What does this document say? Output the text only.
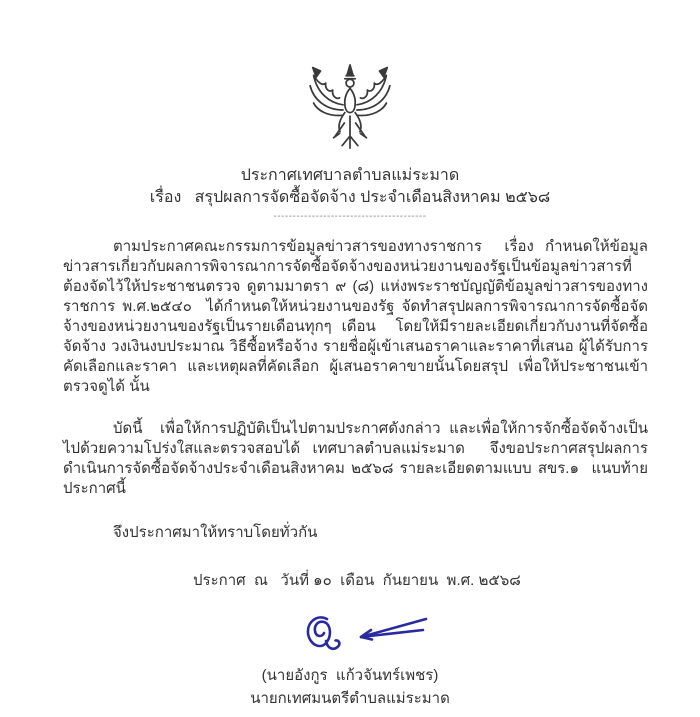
ประกาศเทศบาลตำบลแม่ระมาด
เรื่อง   สรุปผลการจัดซื้อจัดจ้าง ประจำเดือนสิงหาคม ๒๕๖๘
----------------------------------------

ตามประกาศคณะกรรมการข้อมูลข่าวสารของทางราชการ  เรื่อง กำหนดให้ข้อมูลข่าวสารเกี่ยวกับผลการพิจารณาการจัดซื้อจัดจ้างของหน่วยงานของรัฐเป็นข้อมูลข่าวสารที่ต้องจัดไว้ให้ประชาชนตรวจ ดูตามมาตรา ๙ (๘) แห่งพระราชบัญญัติข้อมูลข่าวสารของทางราชการ พ.ศ.๒๕๔๐  ได้กำหนดให้หน่วยงานของรัฐ จัดทำสรุปผลการพิจารณาการจัดซื้อจัดจ้างของหน่วยงานของรัฐเป็นรายเดือนทุกๆ เดือน  โดยให้มีรายละเอียดเกี่ยวกับงานที่จัดซื้อจัดจ้าง วงเงินงบประมาณ วิธีซื้อหรือจ้าง รายชื่อผู้เข้าเสนอราคาและราคาที่เสนอ ผู้ได้รับการคัดเลือกและราคา และเหตุผลที่คัดเลือก ผู้เสนอราคาขายนั้นโดยสรุป เพื่อให้ประชาชนเข้าตรวจดูได้ นั้น

บัดนี้  เพื่อให้การปฏิบัติเป็นไปตามประกาศดังกล่าว และเพื่อให้การจักซื้อจัดจ้างเป็นไปด้วยความโปร่งใสและตรวจสอบได้ เทศบาลตำบลแม่ระมาด  จึงขอประกาศสรุปผลการดำเนินการจัดซื้อจัดจ้างประจำเดือนสิงหาคม ๒๕๖๘ รายละเอียดตามแบบ สขร.๑  แนบท้ายประกาศนี้

จึงประกาศมาให้ทราบโดยทั่วกัน
ประกาศ  ณ   วันที่ ๑๐  เดือน  กันยายน  พ.ศ. ๒๕๖๘
(นายอังกูร  แก้วจันทร์เพชร)
นายกเทศมนตรีตำบลแม่ระมาด
